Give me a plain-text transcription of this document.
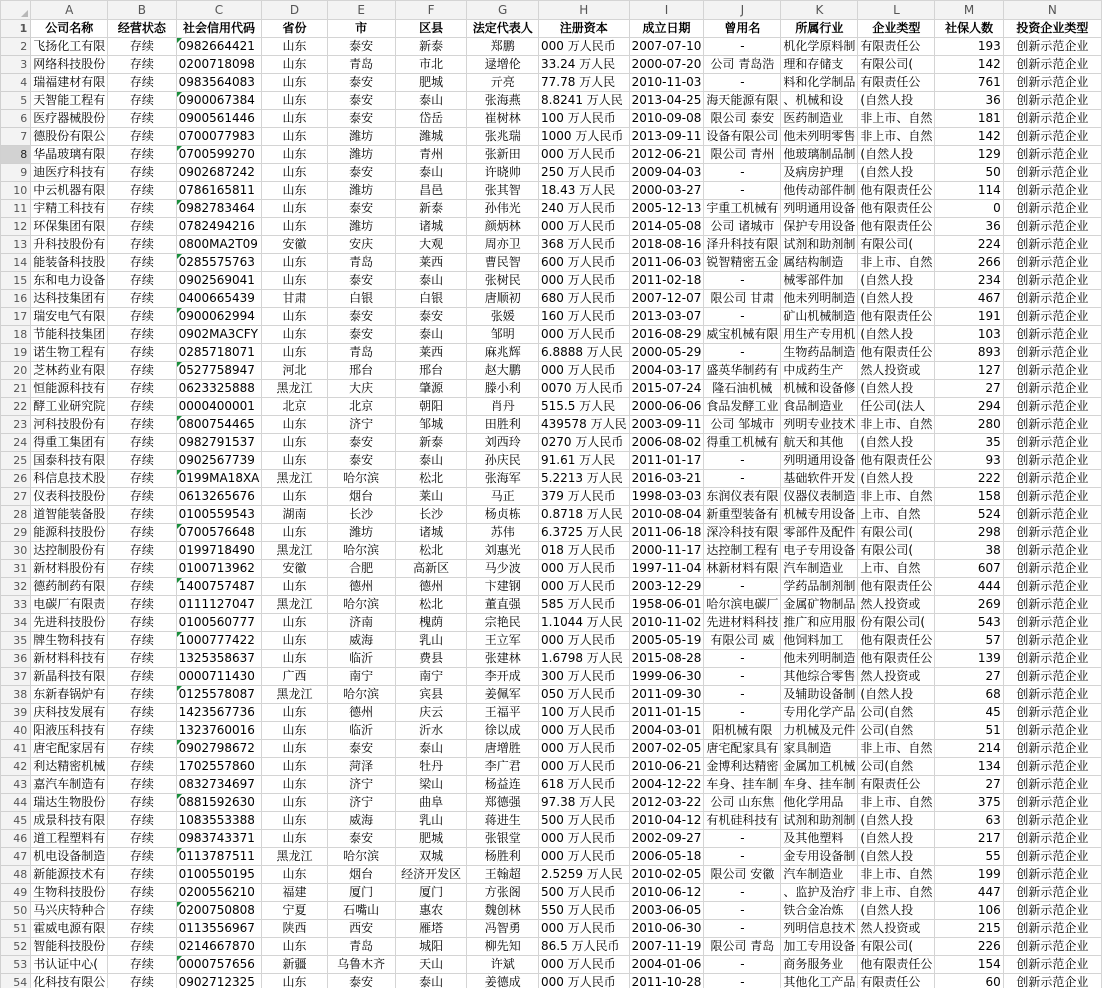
	A	B	C	D	E	F	G	H	I	J	K	L	M	N
1	公司名称	经营状态	社会信用代码	省份	市	区县	法定代表人	注册资本	成立日期	曾用名	所属行业	企业类型	社保人数	投资企业类型
2	飞扬化工有限	存续	0982664421	山东	泰安	新泰	郑鹏	000 万人民币	2007-07-10	-	机化学原料制	有限责任公	193	创新示范企业
3	网络科技股份	存续	0200718098	山东	青岛	市北	逯增伦	33.24 万人民	2000-07-20	公司 青岛浩	理和存储支	有限公司(	142	创新示范企业
4	瑞福建材有限	存续	0983564083	山东	泰安	肥城	亓亮	77.78 万人民	2010-11-03	-	料和化学制品	有限责任公	761	创新示范企业
5	天智能工程有	存续	0900067384	山东	泰安	泰山	张海燕	8.8241 万人民	2013-04-25	海天能源有限	、机械和设	(自然人投	36	创新示范企业
6	医疗器械股份	存续	0900561446	山东	泰安	岱岳	崔树林	100 万人民币	2010-09-08	限公司 泰安	医药制造业	非上市、自然	181	创新示范企业
7	德股份有限公	存续	0700077983	山东	潍坊	潍城	张兆瑞	1000 万人民币	2013-09-11	设备有限公司	他未列明零售	非上市、自然	142	创新示范企业
8	华晶玻璃有限	存续	0700599270	山东	潍坊	青州	张新田	000 万人民币	2012-06-21	限公司 青州	他玻璃制品制	(自然人投	129	创新示范企业
9	迪医疗科技有	存续	0902687242	山东	泰安	泰山	许晓帅	250 万人民币	2009-04-03	-	及病房护理	(自然人投	50	创新示范企业
10	中云机器有限	存续	0786165811	山东	潍坊	昌邑	张其智	18.43 万人民	2000-03-27	-	他传动部件制	他有限责任公	114	创新示范企业
11	宇精工科技有	存续	0982783464	山东	泰安	新泰	孙伟光	240 万人民币	2005-12-13	宇重工机械有	列明通用设备	他有限责任公	0	创新示范企业
12	环保集团有限	存续	0782494216	山东	潍坊	诸城	颜炳林	000 万人民币	2014-05-08	公司 诸城市	保护专用设备	他有限责任公	36	创新示范企业
13	升科技股份有	存续	0800MA2T09	安徽	安庆	大观	周亦卫	368 万人民币	2018-08-16	泽升科技有限	试剂和助剂制	有限公司(	224	创新示范企业
14	能装备科技股	存续	0285575763	山东	青岛	莱西	曹民智	600 万人民币	2011-06-03	锐智精密五金	属结构制造	非上市、自然	266	创新示范企业
15	东和电力设备	存续	0902569041	山东	泰安	泰山	张树民	000 万人民币	2011-02-18	-	械零部件加	(自然人投	234	创新示范企业
16	达科技集团有	存续	0400665439	甘肃	白银	白银	唐顺初	680 万人民币	2007-12-07	限公司 甘肃	他未列明制造	(自然人投	467	创新示范企业
17	瑞安电气有限	存续	0900062994	山东	泰安	泰安	张媛	160 万人民币	2013-03-07	-	矿山机械制造	他有限责任公	191	创新示范企业
18	节能科技集团	存续	0902MA3CFY	山东	泰安	泰山	邹明	000 万人民币	2016-08-29	威宝机械有限	用生产专用机	(自然人投	103	创新示范企业
19	诺生物工程有	存续	0285718071	山东	青岛	莱西	麻兆辉	6.8888 万人民	2000-05-29	-	生物药品制造	他有限责任公	893	创新示范企业
20	芝林药业有限	存续	0527758947	河北	邢台	邢台	赵大鹏	000 万人民币	2004-03-17	盛英华制药有	中成药生产	然人投资或	127	创新示范企业
21	恒能源科技有	存续	0623325888	黑龙江	大庆	肇源	滕小利	0070 万人民币	2015-07-24	隆石油机械	机械和设备修	(自然人投	27	创新示范企业
22	酵工业研究院	存续	0000400001	北京	北京	朝阳	肖丹	515.5 万人民	2000-06-06	食品发酵工业	食品制造业	任公司(法人	294	创新示范企业
23	河科技股份有	存续	0800754465	山东	济宁	邹城	田胜利	439578 万人民	2003-09-11	公司 邹城市	列明专业技术	非上市、自然	280	创新示范企业
24	得重工集团有	存续	0982791537	山东	泰安	新泰	刘西玲	0270 万人民币	2006-08-02	得重工机械有	航天和其他	(自然人投	35	创新示范企业
25	国泰科技有限	存续	0902567739	山东	泰安	泰山	孙庆民	91.61 万人民	2011-01-17	-	列明通用设备	他有限责任公	93	创新示范企业
26	科信息技术股	存续	0199MA18XA	黑龙江	哈尔滨	松北	张海军	5.2213 万人民	2016-03-21	-	基础软件开发	(自然人投	222	创新示范企业
27	仪表科技股份	存续	0613265676	山东	烟台	莱山	马正	379 万人民币	1998-03-03	东润仪表有限	仪器仪表制造	非上市、自然	158	创新示范企业
28	道智能装备股	存续	0100559543	湖南	长沙	长沙	杨贞栋	0.8718 万人民	2010-08-04	新重型装备有	机械专用设备	上市、自然	524	创新示范企业
29	能源科技股份	存续	0700576648	山东	潍坊	诸城	苏伟	6.3725 万人民	2011-06-18	深冷科技有限	零部件及配件	有限公司(	298	创新示范企业
30	达控制股份有	存续	0199718490	黑龙江	哈尔滨	松北	刘惠光	018 万人民币	2000-11-17	达控制工程有	电子专用设备	有限公司(	38	创新示范企业
31	新材料股份有	存续	0100713962	安徽	合肥	高新区	马少波	000 万人民币	1997-11-04	林新材料有限	汽车制造业	上市、自然	607	创新示范企业
32	德药制药有限	存续	1400757487	山东	德州	德州	卞建钢	000 万人民币	2003-12-29	-	学药品制剂制	他有限责任公	444	创新示范企业
33	电碳厂有限责	存续	0111127047	黑龙江	哈尔滨	松北	董直强	585 万人民币	1958-06-01	哈尔滨电碳厂	金属矿物制品	然人投资或	269	创新示范企业
34	先进科技股份	存续	0100560777	山东	济南	槐荫	宗艳民	1.1044 万人民	2010-11-02	先进材料科技	推广和应用服	份有限公司(	543	创新示范企业
35	牌生物科技有	存续	1000777422	山东	威海	乳山	王立军	000 万人民币	2005-05-19	有限公司 威	他饲料加工	他有限责任公	57	创新示范企业
36	新材料科技有	存续	1325358637	山东	临沂	费县	张建林	1.6798 万人民	2015-08-28	-	他未列明制造	他有限责任公	139	创新示范企业
37	新晶科技有限	存续	0000711430	广西	南宁	南宁	李开成	300 万人民币	1999-06-30	-	其他综合零售	然人投资或	27	创新示范企业
38	东新春锅炉有	存续	0125578087	黑龙江	哈尔滨	宾县	姜佩军	050 万人民币	2011-09-30	-	及辅助设备制	(自然人投	68	创新示范企业
39	庆科技发展有	存续	1423567736	山东	德州	庆云	王福平	100 万人民币	2011-01-15	-	专用化学产品	公司(自然	45	创新示范企业
40	阳液压科技有	存续	1323760016	山东	临沂	沂水	徐以成	000 万人民币	2004-03-01	阳机械有限	力机械及元件	公司(自然	51	创新示范企业
41	唐宅配家居有	存续	0902798672	山东	泰安	泰山	唐增胜	000 万人民币	2007-02-05	唐宅配家具有	家具制造	非上市、自然	214	创新示范企业
42	利达精密机械	存续	1702557860	山东	菏泽	牡丹	李广君	000 万人民币	2010-06-21	金博利达精密	金属加工机械	公司(自然	134	创新示范企业
43	嘉汽车制造有	存续	0832734697	山东	济宁	梁山	杨益连	618 万人民币	2004-12-22	车身、挂车制	车身、挂车制	有限责任公	27	创新示范企业
44	瑞达生物股份	存续	0881592630	山东	济宁	曲阜	郑德强	97.38 万人民	2012-03-22	公司 山东焦	他化学用品	非上市、自然	375	创新示范企业
45	成景科技有限	存续	1083553388	山东	威海	乳山	蒋进生	500 万人民币	2010-04-12	有机硅科技有	试剂和助剂制	(自然人投	63	创新示范企业
46	道工程塑料有	存续	0983743371	山东	泰安	肥城	张银堂	000 万人民币	2002-09-27	-	及其他塑料	(自然人投	217	创新示范企业
47	机电设备制造	存续	0113787511	黑龙江	哈尔滨	双城	杨胜利	000 万人民币	2006-05-18	-	金专用设备制	(自然人投	55	创新示范企业
48	新能源技术有	存续	0100550195	山东	烟台	经济开发区	王翰超	2.5259 万人民	2010-02-05	限公司 安徽	汽车制造业	非上市、自然	199	创新示范企业
49	生物科技股份	存续	0200556210	福建	厦门	厦门	方张阁	500 万人民币	2010-06-12	-	、监护及治疗	非上市、自然	447	创新示范企业
50	马兴庆特种合	存续	0200750808	宁夏	石嘴山	惠农	魏创林	550 万人民币	2003-06-05	-	铁合金冶炼	(自然人投	106	创新示范企业
51	霍威电源有限	存续	0113556967	陕西	西安	雁塔	冯智勇	000 万人民币	2010-06-30	-	列明信息技术	然人投资或	215	创新示范企业
52	智能科技股份	存续	0214667870	山东	青岛	城阳	柳先知	86.5 万人民币	2007-11-19	限公司 青岛	加工专用设备	有限公司(	226	创新示范企业
53	书认证中心(	存续	0000757656	新疆	乌鲁木齐	天山	许斌	000 万人民币	2004-01-06	-	商务服务业	他有限责任公	154	创新示范企业
54	化科技有限公	存续	0902712325	山东	泰安	泰山	姜德成	000 万人民币	2011-10-28	-	其他化工产品	有限责任公	60	创新示范企业
